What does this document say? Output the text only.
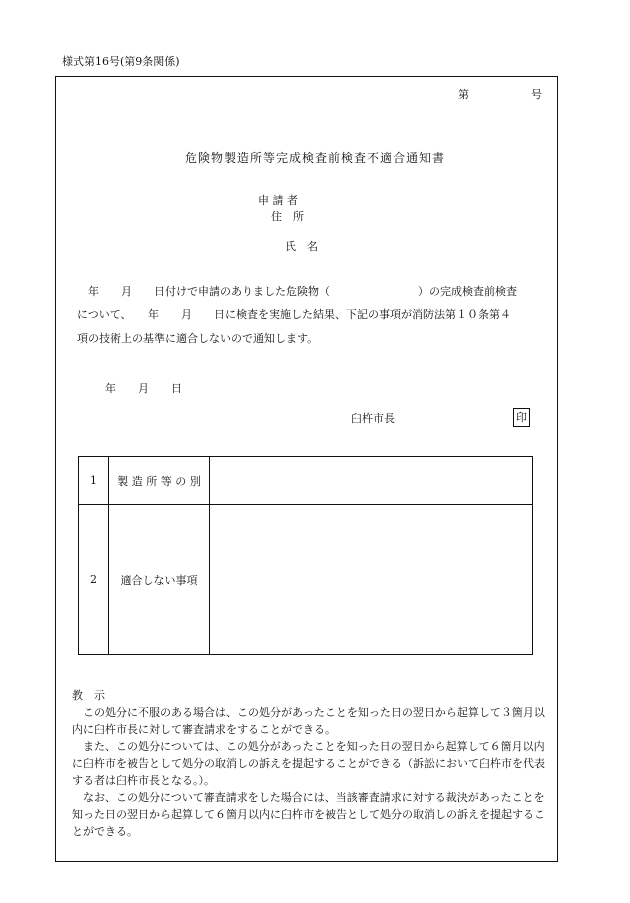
様式第16号(第9条関係)
第	号
危険物製造所等完成検査前検査不適合通知書
申 請 者
住　所
氏　名
年　　月　　日付けで申請のありました危険物（　　　　　　　　）の完成検査前検査
について、　　年　　月　　日に検査を実施した結果、下記の事項が消防法第１０条第４
項の技術上の基準に適合しないので通知します。
年　　月　　日
臼杵市長	印
1	製 造 所 等 の 別	
2	適合しない事項	

教　示

この処分に不服のある場合は、この処分があったことを知った日の翌日から起算して３箇月以内に臼杵市長に対して審査請求をすることができる。

また、この処分については、この処分があったことを知った日の翌日から起算して６箇月以内に臼杵市を被告として処分の取消しの訴えを提起することができる（訴訟において臼杵市を代表する者は臼杵市長となる。）。

なお、この処分について審査請求をした場合には、当該審査請求に対する裁決があったことを知った日の翌日から起算して６箇月以内に臼杵市を被告として処分の取消しの訴えを提起することができる。
